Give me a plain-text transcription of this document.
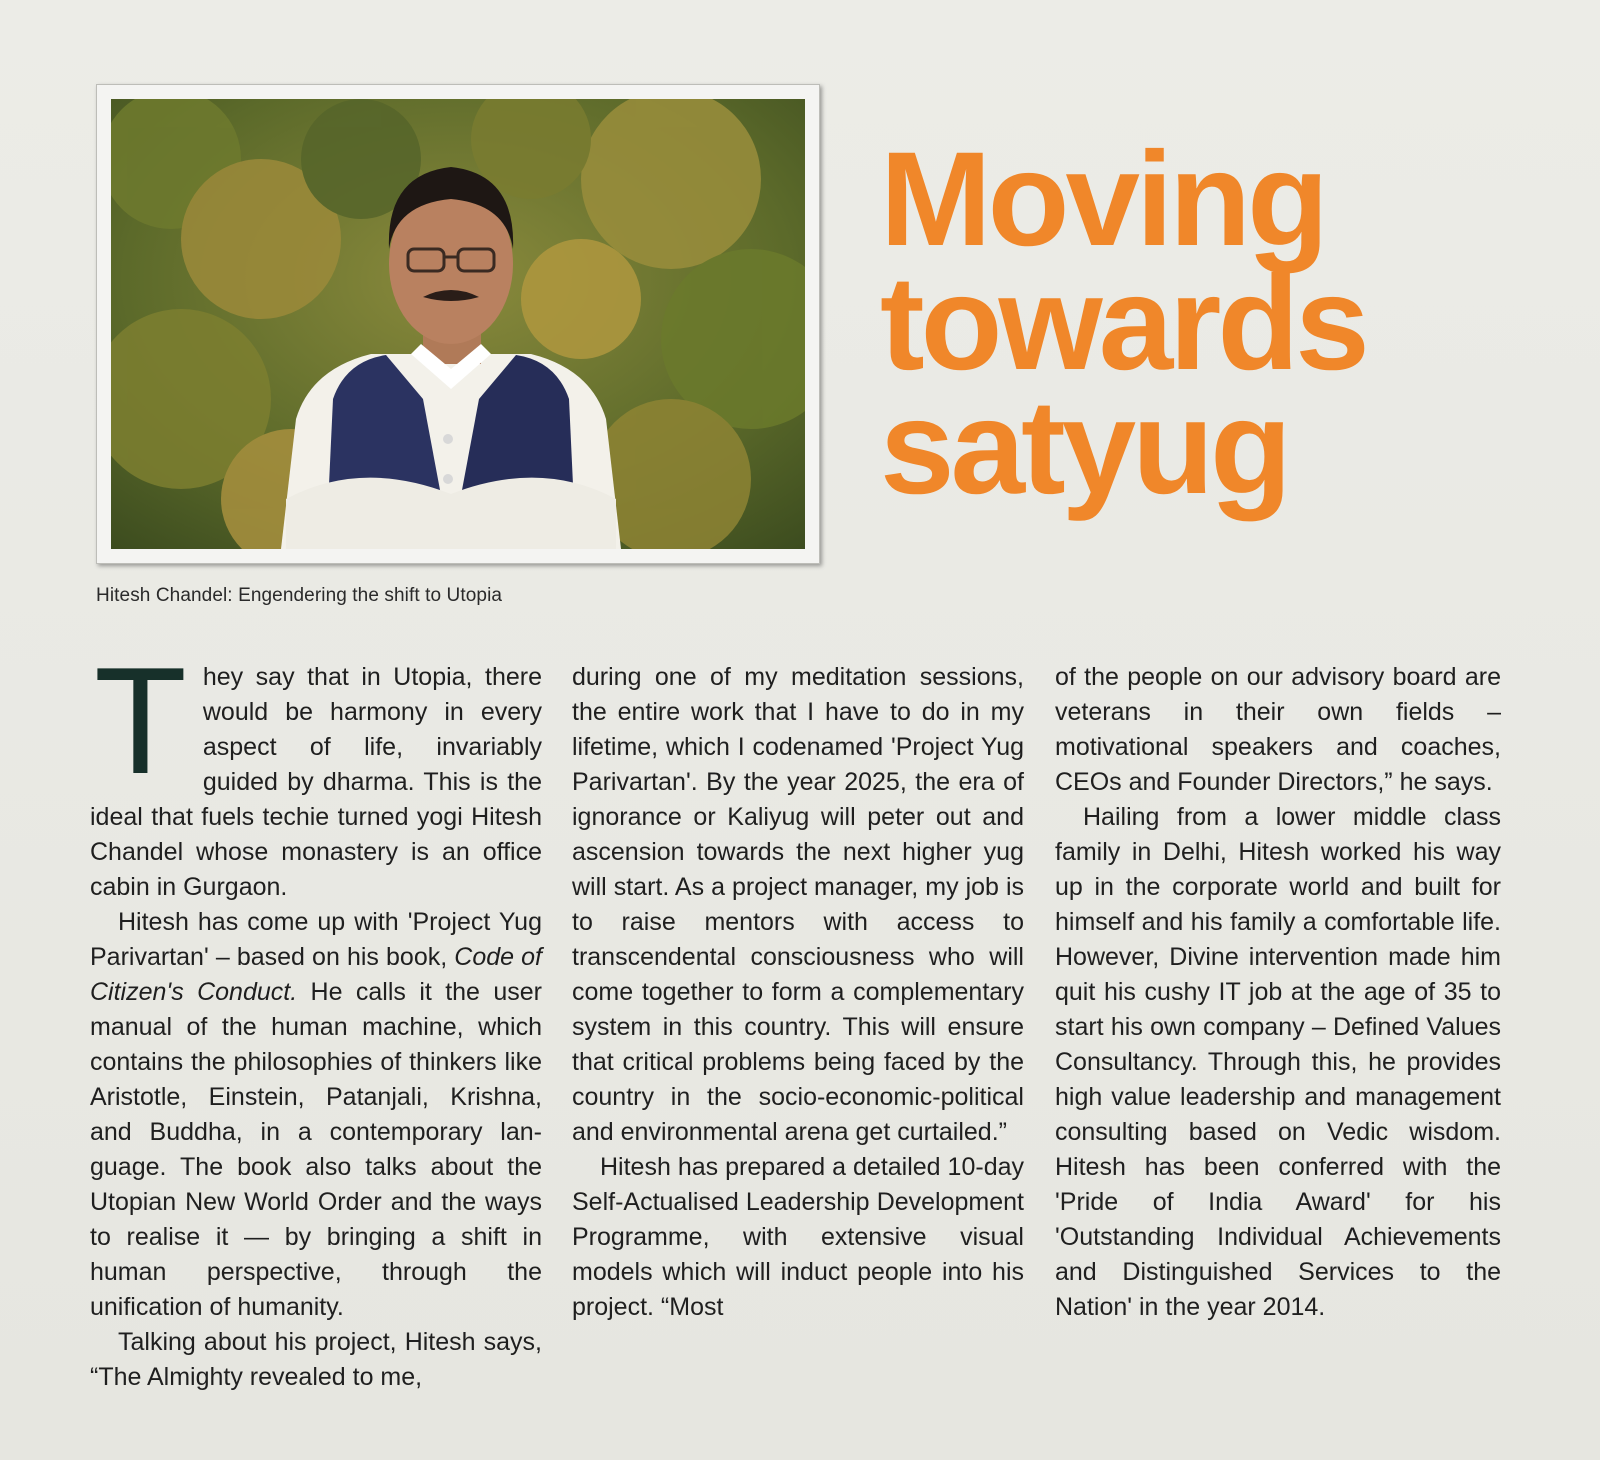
Hitesh Chandel: Engendering the shift to Utopia
Moving
towards
satyug

They say that in Utopia, there would be harmony in every aspect of life, invariably guided by dharma. This is the ideal that fuels techie turned yogi Hitesh Chandel whose monastery is an office cabin in Gurgaon.

Hitesh has come up with 'Project Yug Parivartan' – based on his book, Code of Citizen's Conduct. He calls it the user manual of the human machine, which contains the philosophies of thinkers like Aristotle, Einstein, Patanjali, Krishna, and Buddha, in a contemporary language. The book also talks about the Utopian New World Order and the ways to realise it — by bringing a shift in human perspective, through the unification of humanity.

Talking about his project, Hitesh says, “The Almighty revealed to me,

during one of my meditation sessions, the entire work that I have to do in my lifetime, which I codenamed 'Project Yug Parivartan'. By the year 2025, the era of ignorance or Kaliyug will peter out and ascension towards the next higher yug will start. As a project manager, my job is to raise mentors with access to transcendental consciousness who will come together to form a complementary system in this country. This will ensure that critical problems being faced by the country in the socio-economic-political and environmental arena get curtailed.”

Hitesh has prepared a detailed 10-day Self-Actualised Leadership Development Programme, with extensive visual models which will induct people into his project. “Most

of the people on our advisory board are veterans in their own fields – motivational speakers and coaches, CEOs and Founder Directors,” he says.

Hailing from a lower middle class family in Delhi, Hitesh worked his way up in the corporate world and built for himself and his family a comfortable life. However, Divine intervention made him quit his cushy IT job at the age of 35 to start his own company – Defined Values Consultancy. Through this, he provides high value leadership and management consulting based on Vedic wisdom. Hitesh has been conferred with the 'Pride of India Award' for his 'Outstanding Individual Achievements and Distinguished Services to the Nation' in the year 2014.
